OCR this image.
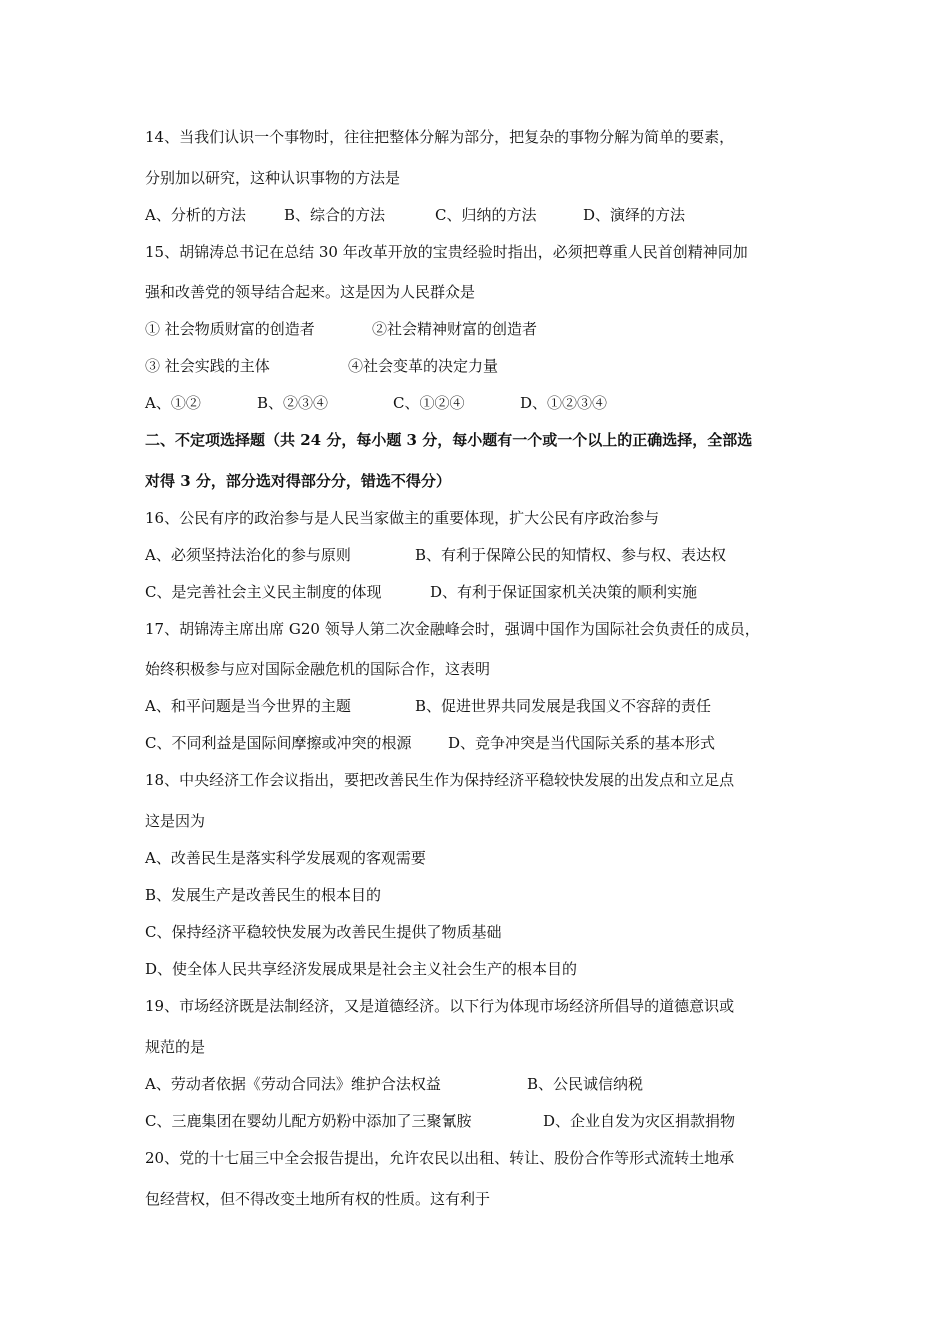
14、当我们认识一个事物时，往往把整体分解为部分，把复杂的事物分解为简单的要素，
分别加以研究，这种认识事物的方法是
A、分析的方法	B、综合的方法	C、归纳的方法	D、演绎的方法
15、胡锦涛总书记在总结 30 年改革开放的宝贵经验时指出，必须把尊重人民首创精神同加
强和改善党的领导结合起来。这是因为人民群众是
① 社会物质财富的创造者	②社会精神财富的创造者
③ 社会实践的主体	④社会变革的决定力量
A、①②	B、②③④	C、①②④	D、①②③④
二、不定项选择题（共 24 分，每小题 3 分，每小题有一个或一个以上的正确选择，全部选
对得 3 分，部分选对得部分分，错选不得分）
16、公民有序的政治参与是人民当家做主的重要体现，扩大公民有序政治参与
A、必须坚持法治化的参与原则	B、有利于保障公民的知情权、参与权、表达权
C、是完善社会主义民主制度的体现	D、有利于保证国家机关决策的顺利实施
17、胡锦涛主席出席 G20 领导人第二次金融峰会时，强调中国作为国际社会负责任的成员，
始终积极参与应对国际金融危机的国际合作，这表明
A、和平问题是当今世界的主题	B、促进世界共同发展是我国义不容辞的责任
C、不同利益是国际间摩擦或冲突的根源 D、竞争冲突是当代国际关系的基本形式
18、中央经济工作会议指出，要把改善民生作为保持经济平稳较快发展的出发点和立足点
这是因为
A、改善民生是落实科学发展观的客观需要
B、发展生产是改善民生的根本目的
C、保持经济平稳较快发展为改善民生提供了物质基础
D、使全体人民共享经济发展成果是社会主义社会生产的根本目的
19、市场经济既是法制经济，又是道德经济。以下行为体现市场经济所倡导的道德意识或
规范的是
A、劳动者依据《劳动合同法》维护合法权益	B、公民诚信纳税
C、三鹿集团在婴幼儿配方奶粉中添加了三聚氰胺	D、企业自发为灾区捐款捐物
20、党的十七届三中全会报告提出，允许农民以出租、转让、股份合作等形式流转土地承
包经营权，但不得改变土地所有权的性质。这有利于
